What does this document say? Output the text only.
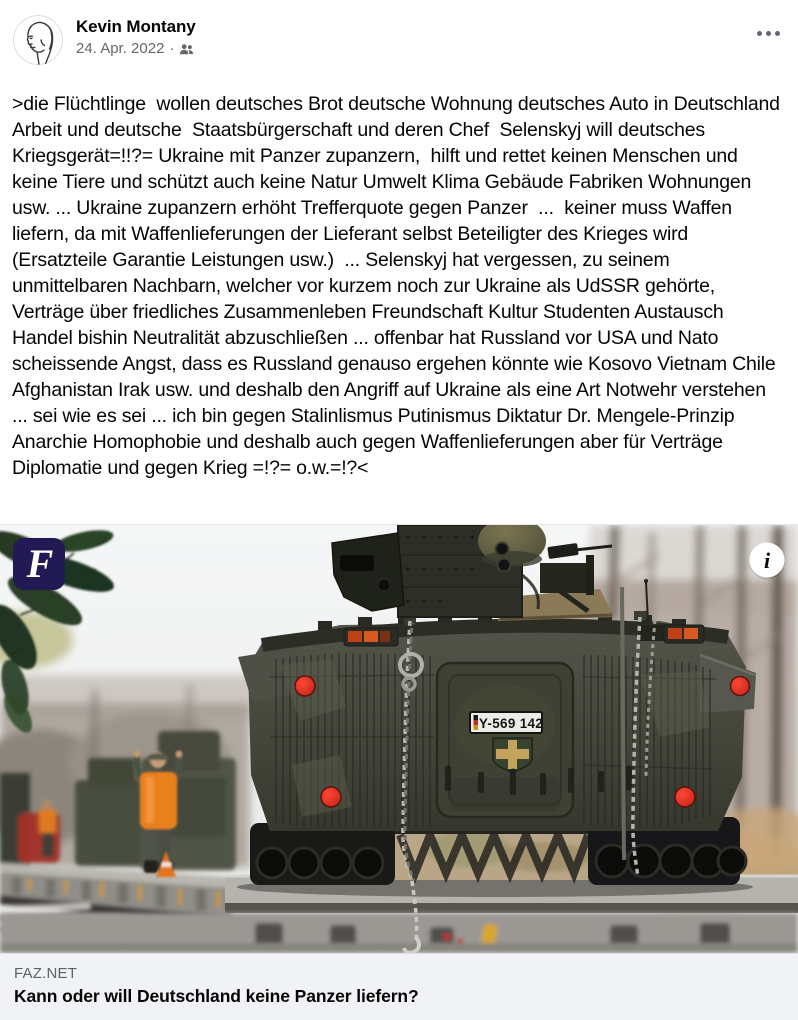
Kevin Montany
24. Apr. 2022 ·
>die Flüchtlinge  wollen deutsches Brot deutsche Wohnung deutsches Auto in Deutschland Arbeit und deutsche  Staatsbürgerschaft und deren Chef  Selenskyj will deutsches Kriegsgerät=!!?= Ukraine mit Panzer zupanzern,  hilft und rettet keinen Menschen und keine Tiere und schützt auch keine Natur Umwelt Klima Gebäude Fabriken Wohnungen usw. ... Ukraine zupanzern erhöht Trefferquote gegen Panzer  ...  keiner muss Waffen liefern, da mit Waffenlieferungen der Lieferant selbst Beteiligter des Krieges wird (Ersatzteile Garantie Leistungen usw.)  ... Selenskyj hat vergessen, zu seinem unmittelbaren Nachbarn, welcher vor kurzem noch zur Ukraine als UdSSR gehörte, Verträge über friedliches Zusammenleben Freundschaft Kultur Studenten Austausch Handel bishin Neutralität abzuschließen ... offenbar hat Russland vor USA und Nato scheissende Angst, dass es Russland genauso ergehen könnte wie Kosovo Vietnam Chile Afghanistan Irak usw. und deshalb den Angriff auf Ukraine als eine Art Notwehr verstehen ... sei wie es sei ... ich bin gegen Stalinlismus Putinismus Diktatur Dr. Mengele-Prinzip Anarchie Homophobie und deshalb auch gegen Waffenlieferungen aber für Verträge Diplomatie und gegen Krieg =!?= o.w.=!?<
Y-569 142
F	i
FAZ.NET
Kann oder will Deutschland keine Panzer liefern?
